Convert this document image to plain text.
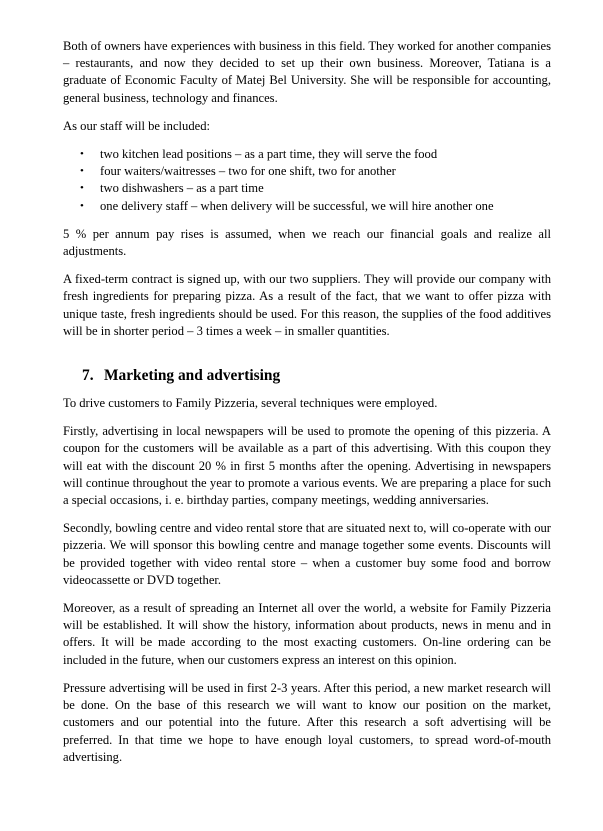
Both of owners have experiences with business in this field. They worked for another companies – restaurants, and now they decided to set up their own business. Moreover, Tatiana is a graduate of Economic Faculty of Matej Bel University. She will be responsible for accounting, general business, technology and finances.

As our staff will be included:

• two kitchen lead positions – as a part time, they will serve the food
• four waiters/waitresses – two for one shift, two for another
• two dishwashers – as a part time
• one delivery staff – when delivery will be successful, we will hire another one

5 % per annum pay rises is assumed, when we reach our financial goals and realize all adjustments.

A fixed-term contract is signed up, with our two suppliers. They will provide our company with fresh ingredients for preparing pizza. As a result of the fact, that we want to offer pizza with unique taste, fresh ingredients should be used. For this reason, the supplies of the food additives will be in shorter period – 3 times a week – in smaller quantities.

7. Marketing and advertising

To drive customers to Family Pizzeria, several techniques were employed.

Firstly, advertising in local newspapers will be used to promote the opening of this pizzeria. A coupon for the customers will be available as a part of this advertising. With this coupon they will eat with the discount 20 % in first 5 months after the opening. Advertising in newspapers will continue throughout the year to promote a various events. We are preparing a place for such a special occasions, i. e. birthday parties, company meetings, wedding anniversaries.

Secondly, bowling centre and video rental store that are situated next to, will co-operate with our pizzeria. We will sponsor this bowling centre and manage together some events. Discounts will be provided together with video rental store – when a customer buy some food and borrow videocassette or DVD together.

Moreover, as a result of spreading an Internet all over the world, a website for Family Pizzeria will be established. It will show the history, information about products, news in menu and in offers. It will be made according to the most exacting customers. On-line ordering can be included in the future, when our customers express an interest on this opinion.

Pressure advertising will be used in first 2-3 years. After this period, a new market research will be done. On the base of this research we will want to know our position on the market, customers and our potential into the future. After this research a soft advertising will be preferred. In that time we hope to have enough loyal customers, to spread word-of-mouth advertising.
